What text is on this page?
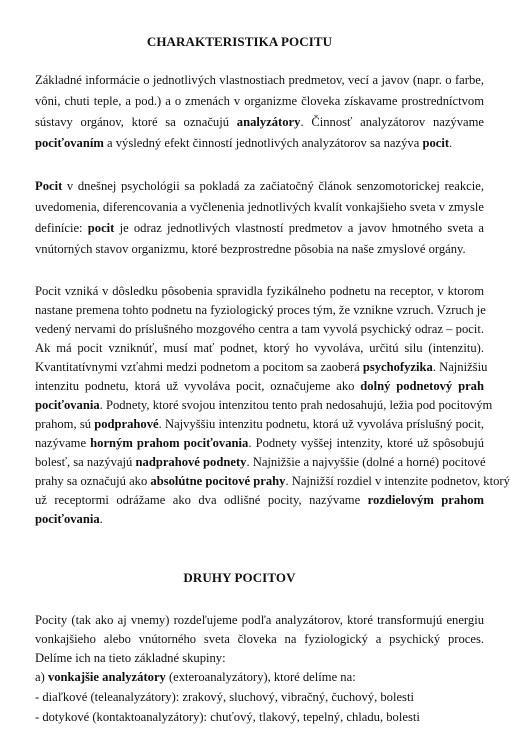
CHARAKTERISTIKA POCITU
Základné informácie o jednotlivých vlastnostiach predmetov, vecí a javov (napr. o farbe,
vôni, chuti teple, a pod.) a o zmenách v organizme človeka získavame prostredníctvom
sústavy orgánov, ktoré sa označujú analyzátory. Činnosť analyzátorov nazývame
pociťovaním a výsledný efekt činností jednotlivých analyzátorov sa nazýva pocit.
Pocit v dnešnej psychológii sa pokladá za začiatočný článok senzomotorickej reakcie,
uvedomenia, diferencovania a vyčlenenia jednotlivých kvalít vonkajšieho sveta v zmysle
definície: pocit je odraz jednotlivých vlastností predmetov a javov hmotného sveta a
vnútorných stavov organizmu, ktoré bezprostredne pôsobia na naše zmyslové orgány.
Pocit vzniká v dôsledku pôsobenia spravidla fyzikálneho podnetu na receptor, v ktorom
nastane premena tohto podnetu na fyziologický proces tým, že vznikne vzruch. Vzruch je
vedený nervami do príslušného mozgového centra a tam vyvolá psychický odraz – pocit.
Ak má pocit vzniknúť, musí mať podnet, ktorý ho vyvoláva, určitú silu (intenzitu).
Kvantitatívnymi vzťahmi medzi podnetom a pocitom sa zaoberá psychofyzika. Najnižšiu
intenzitu podnetu, ktorá už vyvoláva pocit, označujeme ako dolný podnetový prah
pociťovania. Podnety, ktoré svojou intenzitou tento prah nedosahujú, ležia pod pocitovým
prahom, sú podprahové. Najvyššiu intenzitu podnetu, ktorá už vyvoláva príslušný pocit,
nazývame horným prahom pociťovania. Podnety vyššej intenzity, ktoré už spôsobujú
bolesť, sa nazývajú nadprahové podnety. Najnižšie a najvyššie (dolné a horné) pocitové
prahy sa označujú ako absolútne pocitové prahy. Najnižší rozdiel v intenzite podnetov, ktorý
už receptormi odrážame ako dva odlišné pocity, nazývame rozdielovým prahom
pociťovania.
DRUHY POCITOV
Pocity (tak ako aj vnemy) rozdeľujeme podľa analyzátorov, ktoré transformujú energiu
vonkajšieho alebo vnútorného sveta človeka na fyziologický a psychický proces.
Delíme ich na tieto základné skupiny:
a) vonkajšie analyzátory (exteroanalyzátory), ktoré delíme na:
- diaľkové (teleanalyzátory): zrakový, sluchový, vibračný, čuchový, bolesti
- dotykové (kontaktoanalyzátory): chuťový, tlakový, tepelný, chladu, bolesti
